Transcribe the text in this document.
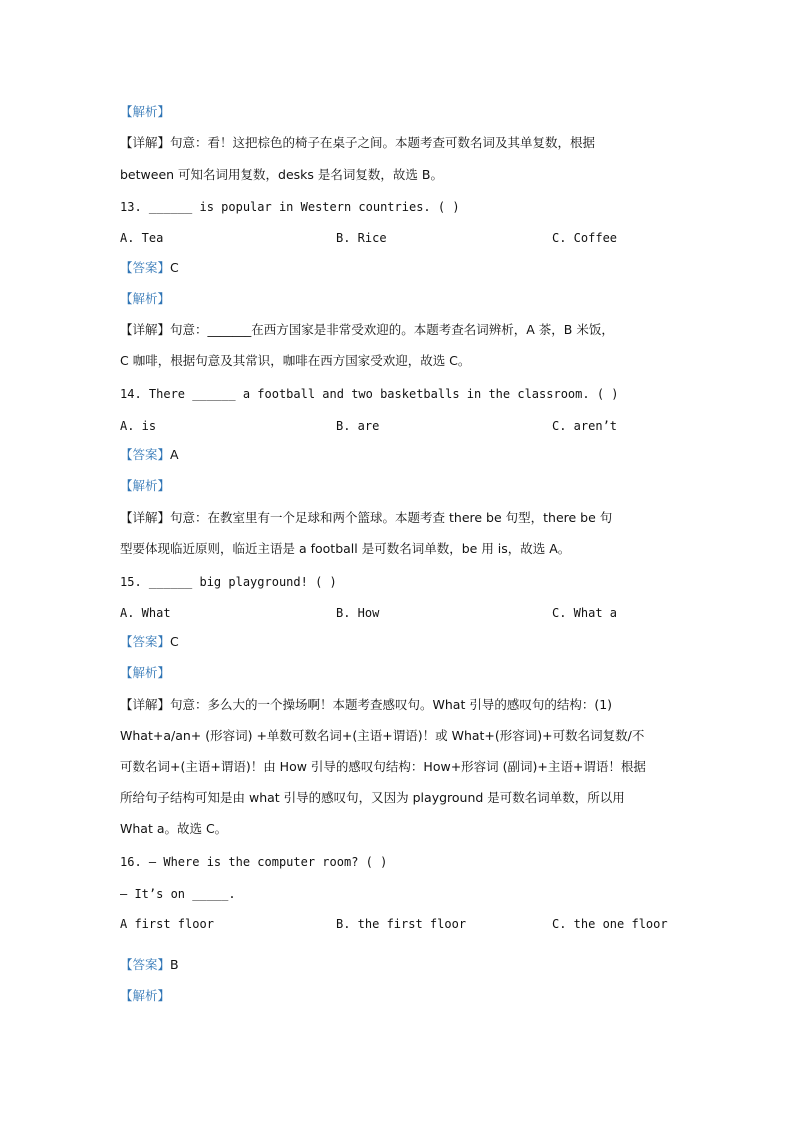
【解析】
【详解】句意：看！这把棕色的椅子在桌子之间。本题考查可数名词及其单复数，根据
between 可知名词用复数，desks 是名词复数，故选 B。
13. ______ is popular in Western countries. ( )
A. Tea	B. Rice	C. Coffee
【答案】C
【解析】
【详解】句意：_______在西方国家是非常受欢迎的。本题考查名词辨析，A 茶，B 米饭，
C 咖啡，根据句意及其常识，咖啡在西方国家受欢迎，故选 C。
14. There ______ a football and two basketballs in the classroom. ( )
A. is	B. are	C. aren’t
【答案】A
【解析】
【详解】句意：在教室里有一个足球和两个篮球。本题考查 there be 句型，there be 句
型要体现临近原则，临近主语是 a football 是可数名词单数，be 用 is，故选 A。
15. ______ big playground! ( )
A. What	B. How	C. What a
【答案】C
【解析】
【详解】句意：多么大的一个操场啊！本题考查感叹句。What 引导的感叹句的结构：(1)
What+a/an+ (形容词) +单数可数名词+(主语+谓语)！或 What+(形容词)+可数名词复数/不
可数名词+(主语+谓语)！由 How 引导的感叹句结构：How+形容词 (副词)+主语+谓语！根据
所给句子结构可知是由 what 引导的感叹句，又因为 playground 是可数名词单数，所以用
What a。故选 C。
16. — Where is the computer room? ( )
— It’s on _____.
A first floor	B. the first floor	C. the one floor
【答案】B
【解析】
